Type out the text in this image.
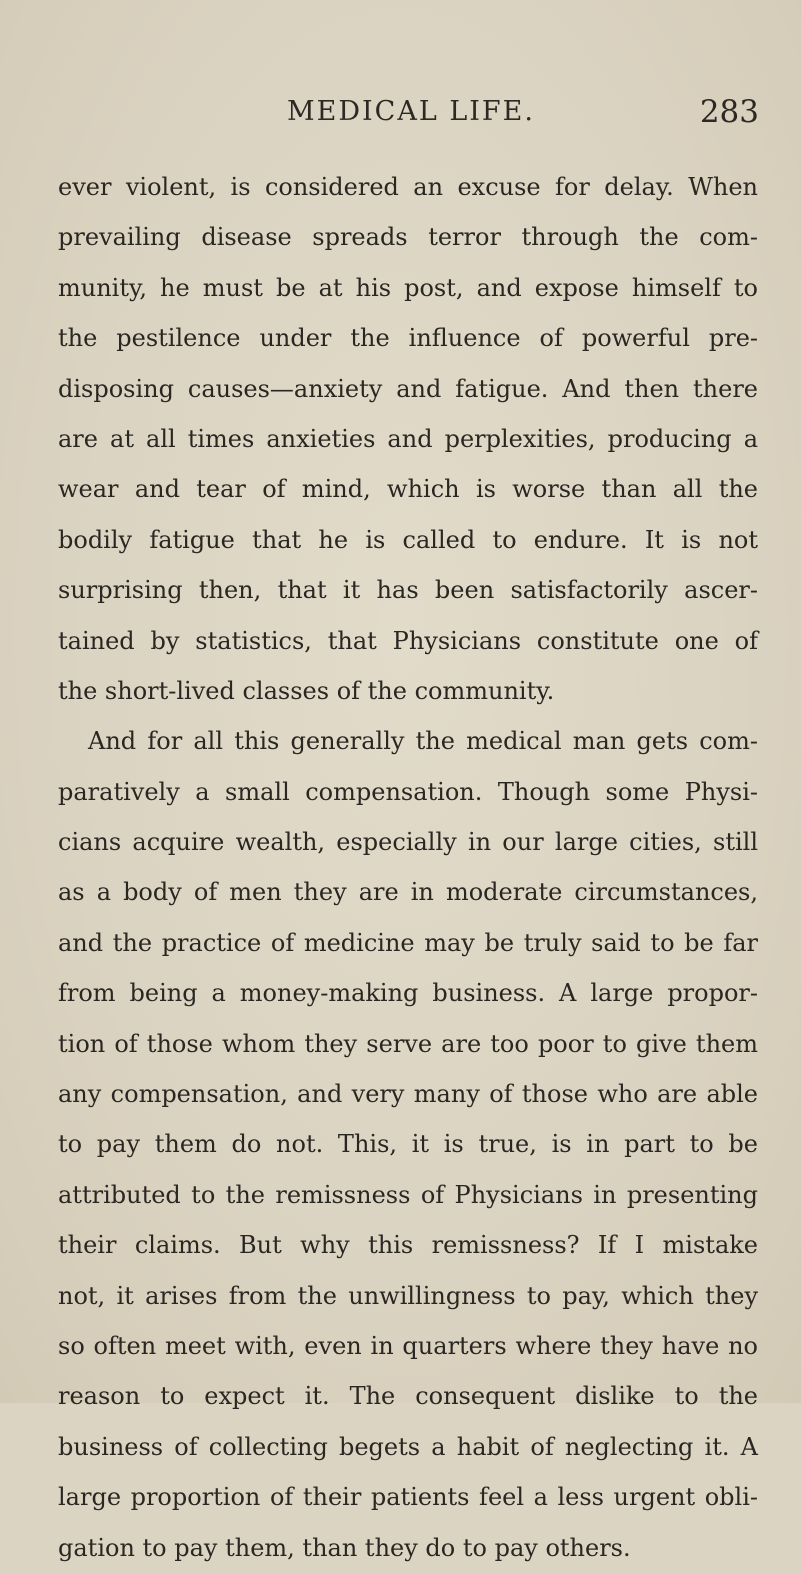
MEDICAL LIFE.	283
ever violent, is considered an excuse for delay. When
prevailing disease spreads terror through the com-
munity, he must be at his post, and expose himself to
the pestilence under the influence of powerful pre-
disposing causes—anxiety and fatigue. And then there
are at all times anxieties and perplexities, producing a
wear and tear of mind, which is worse than all the
bodily fatigue that he is called to endure. It is not
surprising then, that it has been satisfactorily ascer-
tained by statistics, that Physicians constitute one of
the short-lived classes of the community.
And for all this generally the medical man gets com-
paratively a small compensation. Though some Physi-
cians acquire wealth, especially in our large cities, still
as a body of men they are in moderate circumstances,
and the practice of medicine may be truly said to be far
from being a money-making business. A large propor-
tion of those whom they serve are too poor to give them
any compensation, and very many of those who are able
to pay them do not. This, it is true, is in part to be
attributed to the remissness of Physicians in presenting
their claims. But why this remissness? If I mistake
not, it arises from the unwillingness to pay, which they
so often meet with, even in quarters where they have no
reason to expect it. The consequent dislike to the
business of collecting begets a habit of neglecting it. A
large proportion of their patients feel a less urgent obli-
gation to pay them, than they do to pay others.
